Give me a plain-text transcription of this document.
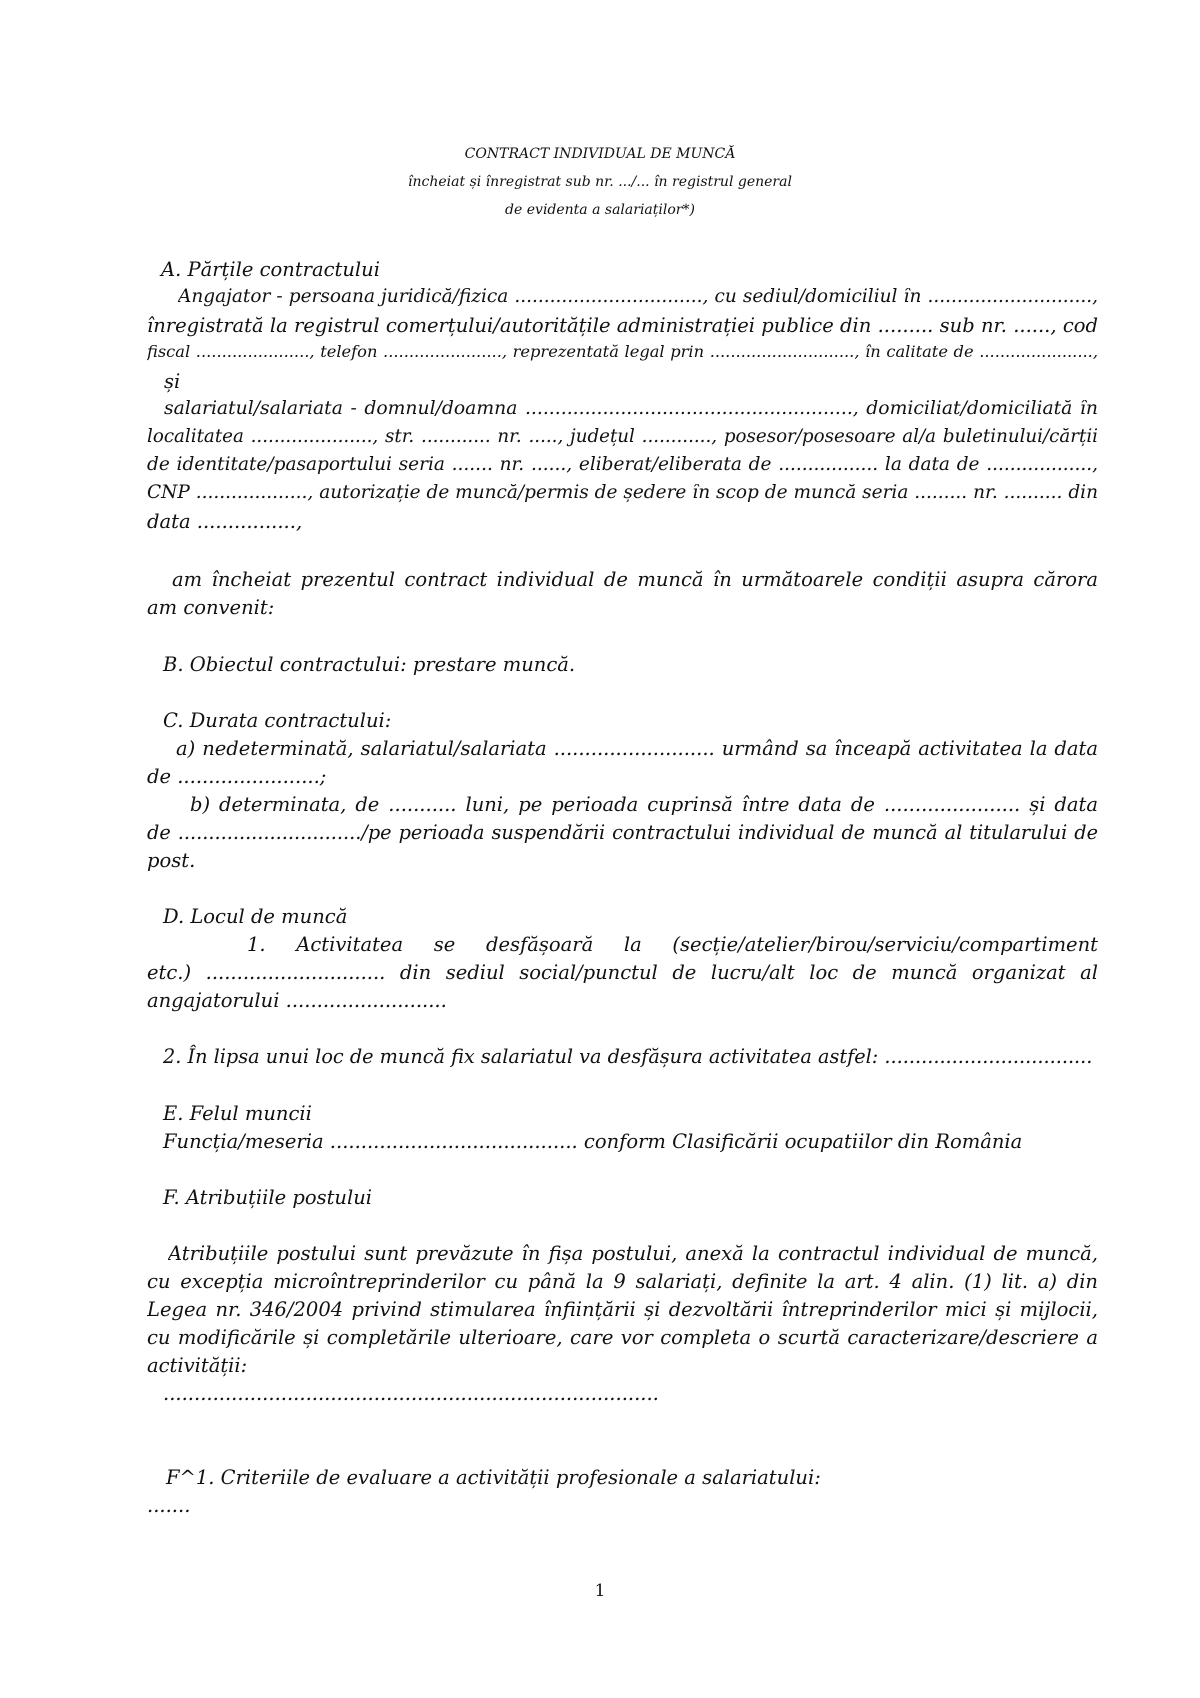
CONTRACT INDIVIDUAL DE MUNCĂ
încheiat și înregistrat sub nr. .../... în registrul general
de evidenta a salariaților*)
A. Părțile contractului
Angajator - persoana juridică/fizica ................................, cu sediul/domiciliul în ............................,
înregistrată la registrul comerțului/autoritățile administrației publice din ......... sub nr. ......, cod
fiscal ......................, telefon ......................., reprezentată legal prin ............................, în calitate de ......................,
și
salariatul/salariata - domnul/doamna ......................................................., domiciliat/domiciliată în
localitatea ....................., str. ............ nr. ....., județul ............, posesor/posesoare al/a buletinului/cărții
de identitate/pasaportului seria ....... nr. ......, eliberat/eliberata de ................. la data de ..................,
CNP ..................., autorizație de muncă/permis de ședere în scop de muncă seria ......... nr. .......... din
data ................,
am încheiat prezentul contract individual de muncă în următoarele condiții asupra cărora
am convenit:
B. Obiectul contractului: prestare muncă.
C. Durata contractului:
a) nedeterminată, salariatul/salariata .......................... urmând sa înceapă activitatea la data
de .......................;
b) determinata, de ........... luni, pe perioada cuprinsă între data de ...................... și data
de ............................../pe perioada suspendării contractului individual de muncă al titularului de
post.
D. Locul de muncă
1. Activitatea se desfășoară la (secție/atelier/birou/serviciu/compartiment
etc.) ............................. din sediul social/punctul de lucru/alt loc de muncă organizat al
angajatorului ..........................
2. În lipsa unui loc de muncă fix salariatul va desfășura activitatea astfel: ..................................
E. Felul muncii
Funcția/meseria ........................................ conform Clasificării ocupatiilor din România
F. Atribuțiile postului
Atribuțiile postului sunt prevăzute în fișa postului, anexă la contractul individual de muncă,
cu excepția microîntreprinderilor cu până la 9 salariați, definite la art. 4 alin. (1) lit. a) din
Legea nr. 346/2004 privind stimularea înființării și dezvoltării întreprinderilor mici și mijlocii,
cu modificările și completările ulterioare, care vor completa o scurtă caracterizare/descriere a
activității:
................................................................................
F^1. Criteriile de evaluare a activității profesionale a salariatului:
.......
1
